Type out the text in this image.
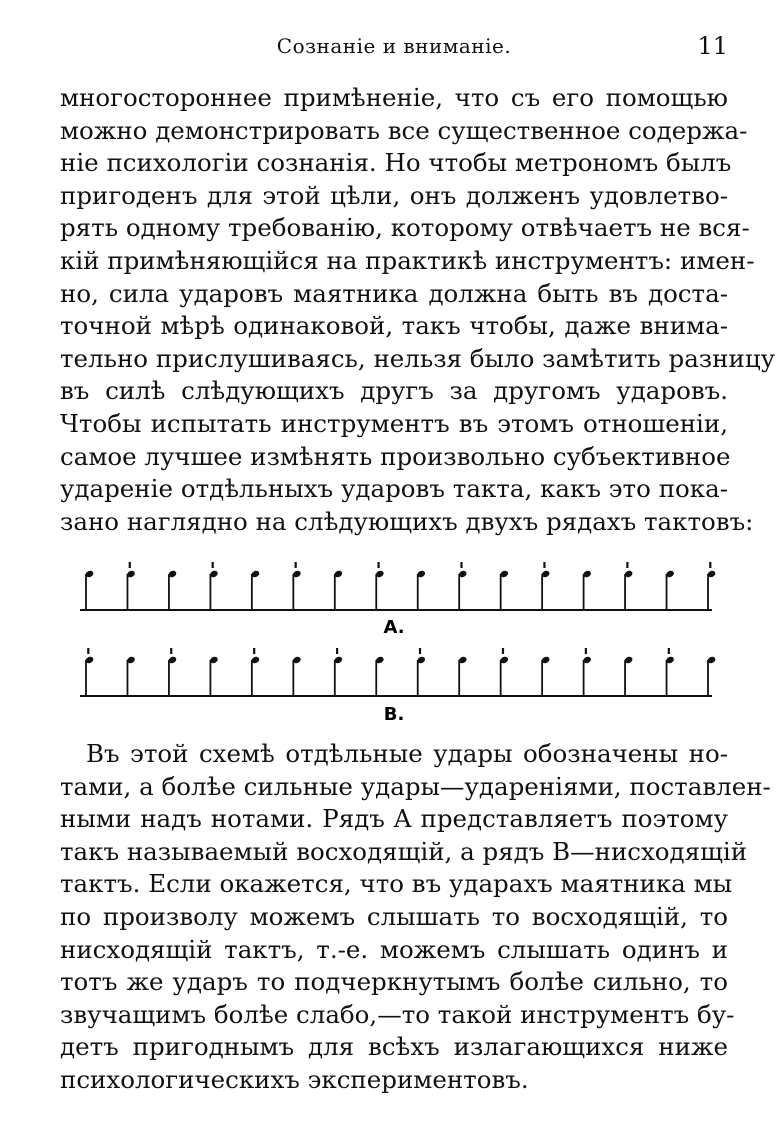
Сознаніе и вниманіе.	11
многостороннее примѣненіе, что съ его помощью
можно демонстрировать все существенное содержа-
ніе психологіи сознанія. Но чтобы метрономъ былъ
пригоденъ для этой цѣли, онъ долженъ удовлетво-
рять одному требованію, которому отвѣчаетъ не вся-
кій примѣняющійся на практикѣ инструментъ: имен-
но, сила ударовъ маятника должна быть въ доста-
точной мѣрѣ одинаковой, такъ чтобы, даже внима-
тельно прислушиваясь, нельзя было замѣтить разницу
въ силѣ слѣдующихъ другъ за другомъ ударовъ.
Чтобы испытать инструментъ въ этомъ отношеніи,
самое лучшее измѣнять произвольно субъективное
удареніе отдѣльныхъ ударовъ такта, какъ это пока-
зано наглядно на слѣдующихъ двухъ рядахъ тактовъ:
A.
B.
Въ этой схемѣ отдѣльные удары обозначены но-
тами, а болѣе сильные удары—удареніями, поставлен-
ными надъ нотами. Рядъ A представляетъ поэтому
такъ называемый восходящій, а рядъ B—нисходящій
тактъ. Если окажется, что въ ударахъ маятника мы
по произволу можемъ слышать то восходящій, то
нисходящій тактъ, т.-е. можемъ слышать одинъ и
тотъ же ударъ то подчеркнутымъ болѣе сильно, то
звучащимъ болѣе слабо,—то такой инструментъ бу-
детъ пригоднымъ для всѣхъ излагающихся ниже
психологическихъ экспериментовъ.
